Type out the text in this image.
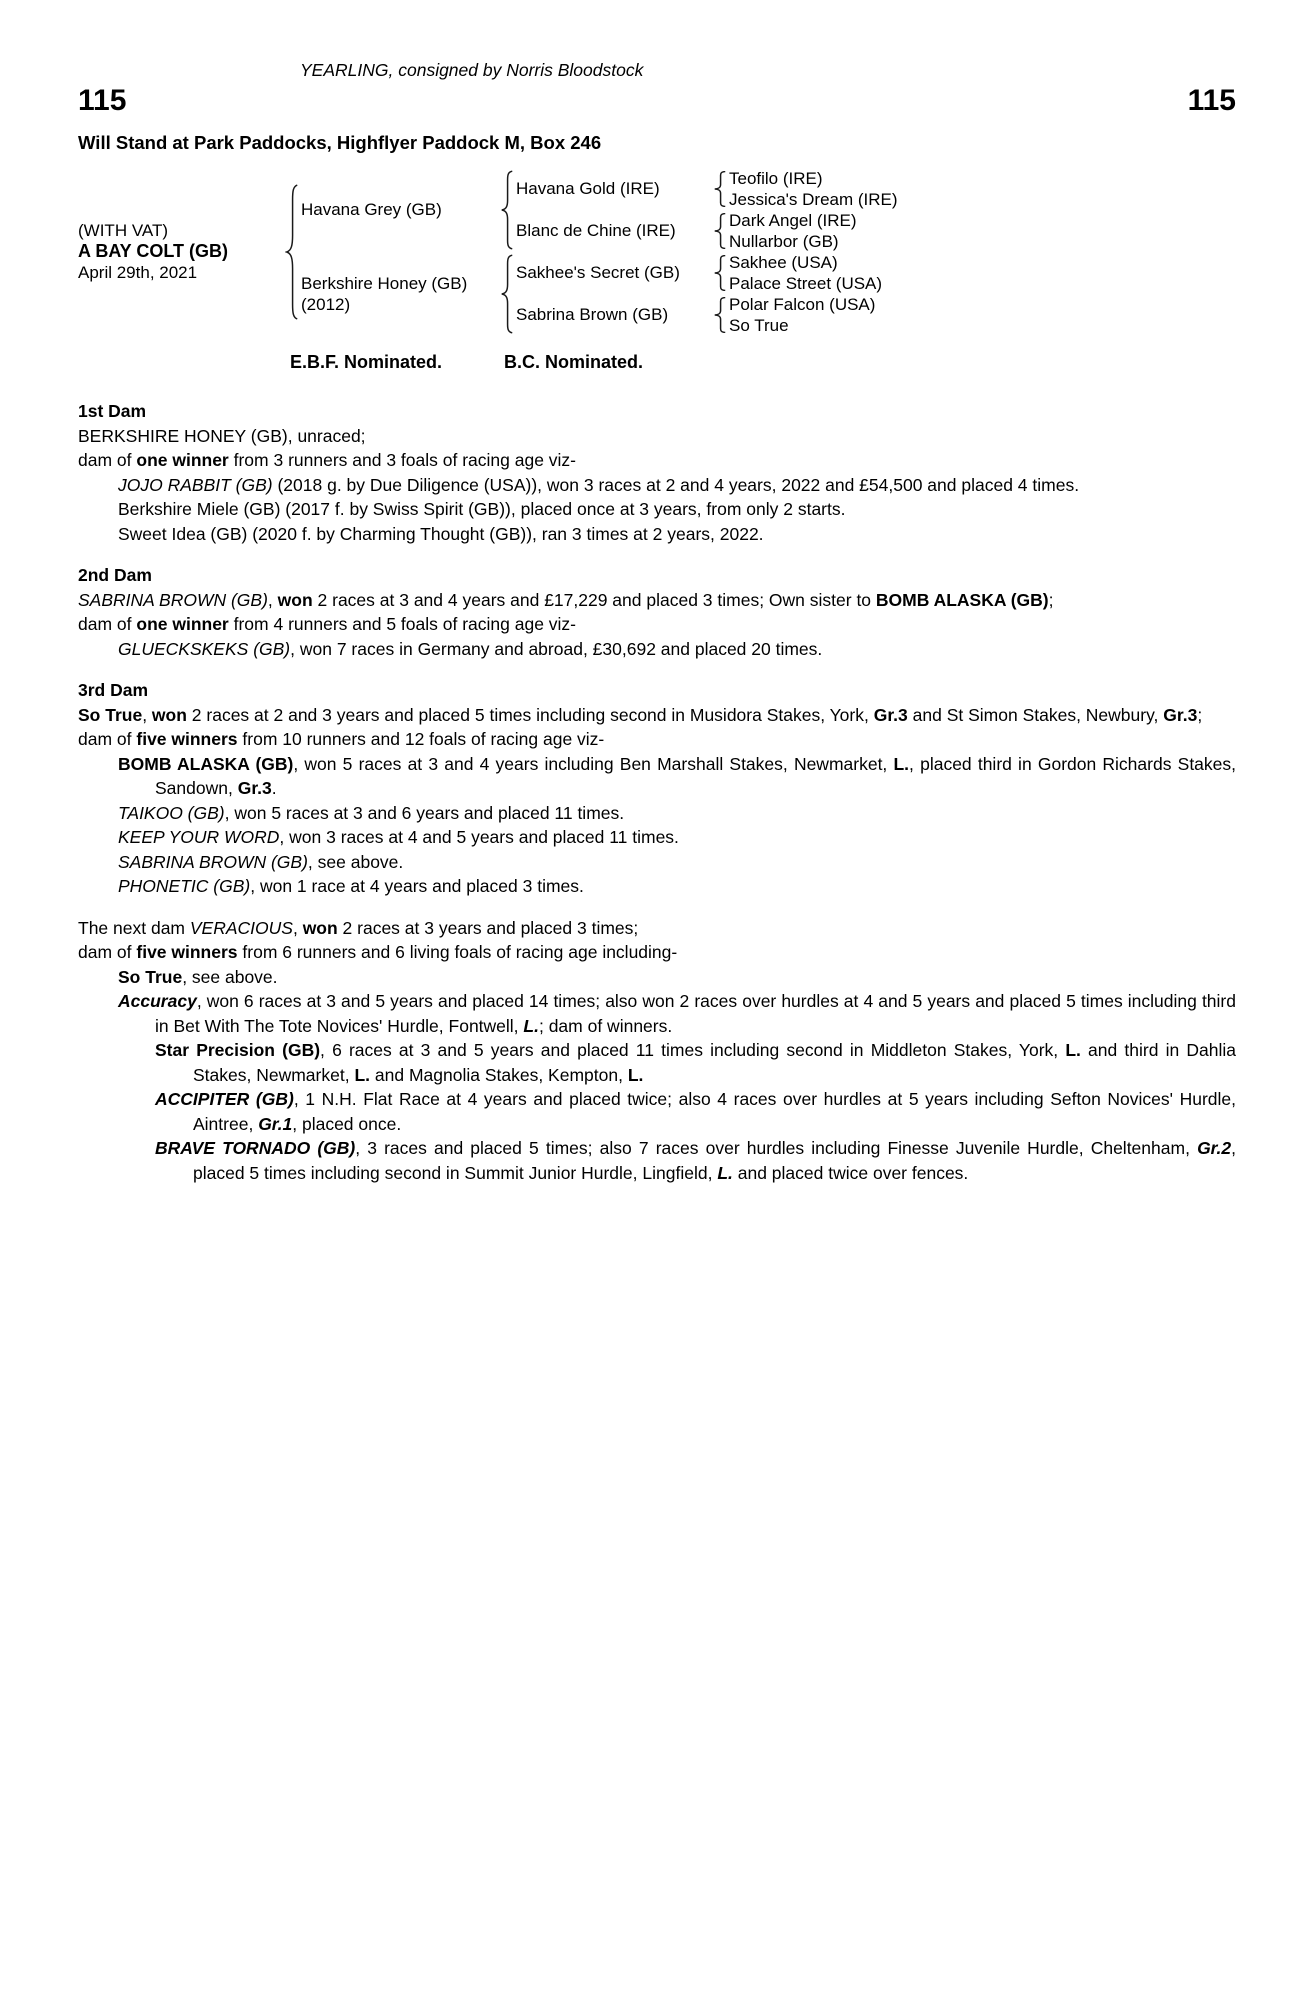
YEARLING, consigned by Norris Bloodstock
115	115
Will Stand at Park Paddocks, Highflyer Paddock M, Box 246
(WITH VAT)
A BAY COLT (GB)
April 29th, 2021
Havana Grey (GB)
Havana Gold (IRE)
Teofilo (IRE)
Jessica's Dream (IRE)
Blanc de Chine (IRE)
Dark Angel (IRE)
Nullarbor (GB)
Berkshire Honey (GB)
(2012)
Sakhee's Secret (GB)
Sakhee (USA)
Palace Street (USA)
Sabrina Brown (GB)
Polar Falcon (USA)
So True
E.B.F. Nominated.	B.C. Nominated.
1st Dam

BERKSHIRE HONEY (GB), unraced;

dam of one winner from 3 runners and 3 foals of racing age viz-

JOJO RABBIT (GB) (2018 g. by Due Diligence (USA)), won 3 races at 2 and 4 years, 2022 and £54,500 and placed 4 times.

Berkshire Miele (GB) (2017 f. by Swiss Spirit (GB)), placed once at 3 years, from only 2 starts.

Sweet Idea (GB) (2020 f. by Charming Thought (GB)), ran 3 times at 2 years, 2022.

2nd Dam

SABRINA BROWN (GB), won 2 races at 3 and 4 years and £17,229 and placed 3 times; Own sister to BOMB ALASKA (GB);

dam of one winner from 4 runners and 5 foals of racing age viz-

GLUECKSKEKS (GB), won 7 races in Germany and abroad, £30,692 and placed 20 times.

3rd Dam

So True, won 2 races at 2 and 3 years and placed 5 times including second in Musidora Stakes, York, Gr.3 and St Simon Stakes, Newbury, Gr.3;

dam of five winners from 10 runners and 12 foals of racing age viz-

BOMB ALASKA (GB), won 5 races at 3 and 4 years including Ben Marshall Stakes, Newmarket, L., placed third in Gordon Richards Stakes, Sandown, Gr.3.

TAIKOO (GB), won 5 races at 3 and 6 years and placed 11 times.

KEEP YOUR WORD, won 3 races at 4 and 5 years and placed 11 times.

SABRINA BROWN (GB), see above.

PHONETIC (GB), won 1 race at 4 years and placed 3 times.

The next dam VERACIOUS, won 2 races at 3 years and placed 3 times;

dam of five winners from 6 runners and 6 living foals of racing age including-

So True, see above.

Accuracy, won 6 races at 3 and 5 years and placed 14 times; also won 2 races over hurdles at 4 and 5 years and placed 5 times including third in Bet With The Tote Novices' Hurdle, Fontwell, L.; dam of winners.

Star Precision (GB), 6 races at 3 and 5 years and placed 11 times including second in Middleton Stakes, York, L. and third in Dahlia Stakes, Newmarket, L. and Magnolia Stakes, Kempton, L.

ACCIPITER (GB), 1 N.H. Flat Race at 4 years and placed twice; also 4 races over hurdles at 5 years including Sefton Novices' Hurdle, Aintree, Gr.1, placed once.

BRAVE TORNADO (GB), 3 races and placed 5 times; also 7 races over hurdles including Finesse Juvenile Hurdle, Cheltenham, Gr.2, placed 5 times including second in Summit Junior Hurdle, Lingfield, L. and placed twice over fences.
